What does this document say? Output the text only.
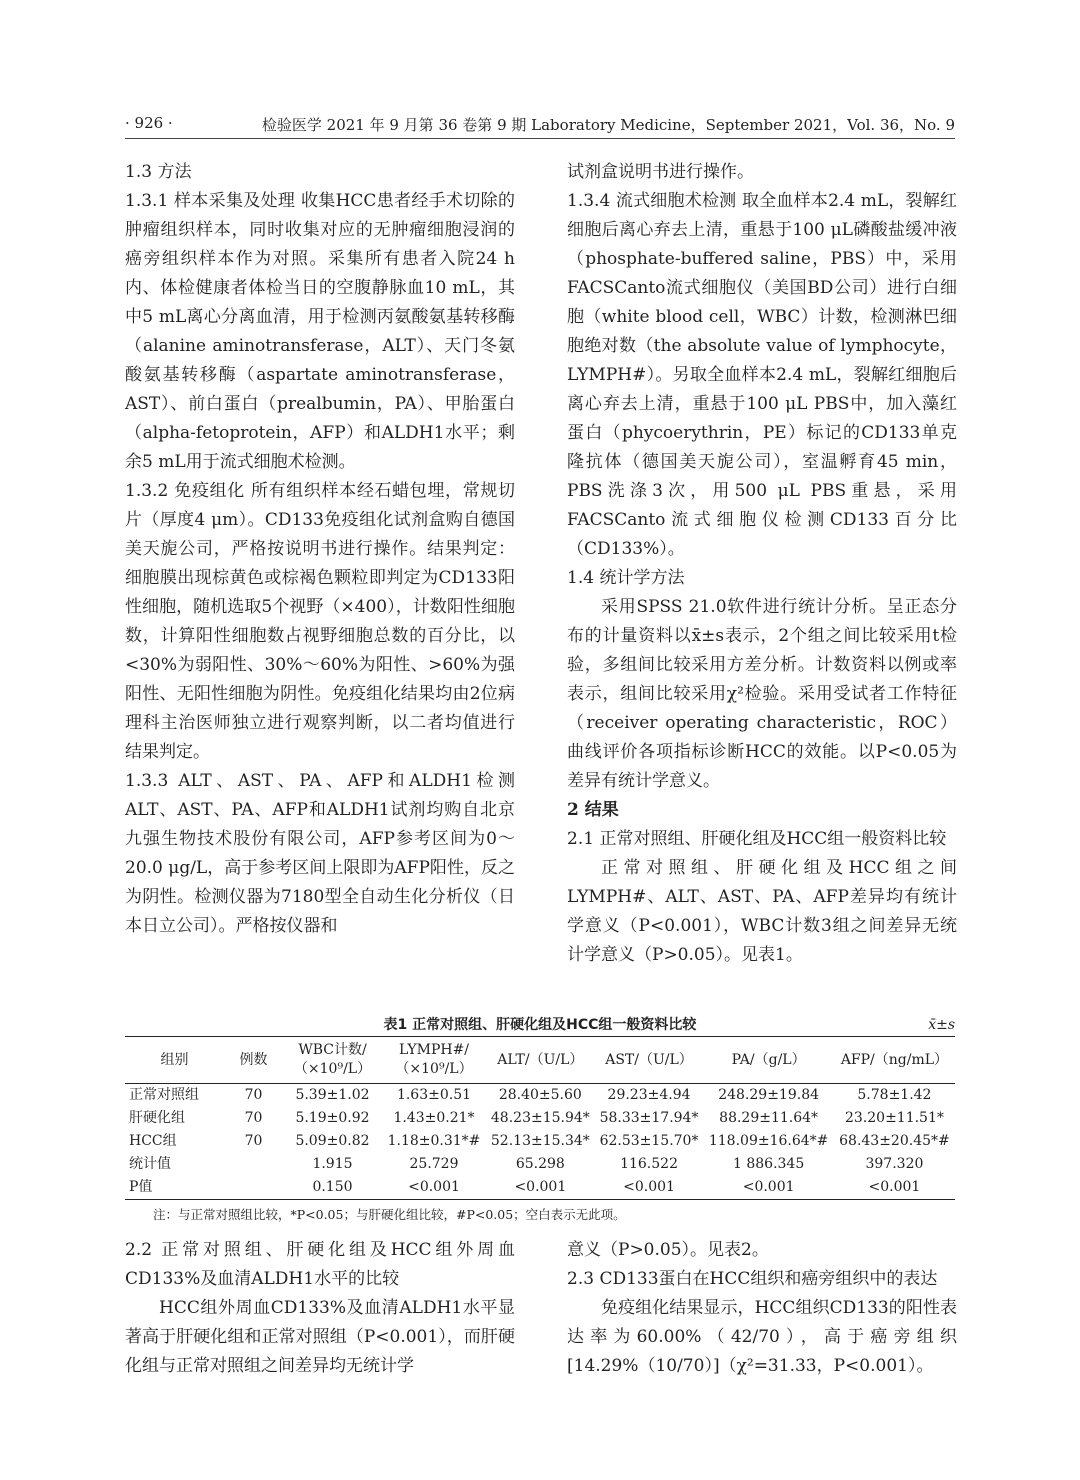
· 926 ·	检验医学 2021 年 9 月第 36 卷第 9 期 Laboratory Medicine，September 2021，Vol. 36，No. 9

1.3 方法

1.3.1 样本采集及处理 收集HCC患者经手术切除的肿瘤组织样本，同时收集对应的无肿瘤细胞浸润的癌旁组织样本作为对照。采集所有患者入院24 h内、体检健康者体检当日的空腹静脉血10 mL，其中5 mL离心分离血清，用于检测丙氨酸氨基转移酶（alanine aminotransferase，ALT）、天门冬氨酸氨基转移酶（aspartate aminotransferase，AST）、前白蛋白（prealbumin，PA）、甲胎蛋白（alpha-fetoprotein，AFP）和ALDH1水平；剩余5 mL用于流式细胞术检测。

1.3.2 免疫组化 所有组织样本经石蜡包埋，常规切片（厚度4 μm）。CD133免疫组化试剂盒购自德国美天旎公司，严格按说明书进行操作。结果判定：细胞膜出现棕黄色或棕褐色颗粒即判定为CD133阳性细胞，随机选取5个视野（×400），计数阳性细胞数，计算阳性细胞数占视野细胞总数的百分比，以<30%为弱阳性、30%～60%为阳性、>60%为强阳性、无阳性细胞为阴性。免疫组化结果均由2位病理科主治医师独立进行观察判断，以二者均值进行结果判定。

1.3.3 ALT、AST、PA、AFP和ALDH1检测 ALT、AST、PA、AFP和ALDH1试剂均购自北京九强生物技术股份有限公司，AFP参考区间为0～20.0 μg/L，高于参考区间上限即为AFP阳性，反之为阴性。检测仪器为7180型全自动生化分析仪（日本日立公司）。严格按仪器和

试剂盒说明书进行操作。

1.3.4 流式细胞术检测 取全血样本2.4 mL，裂解红细胞后离心弃去上清，重悬于100 μL磷酸盐缓冲液（phosphate-buffered saline，PBS）中，采用FACSCanto流式细胞仪（美国BD公司）进行白细胞（white blood cell，WBC）计数，检测淋巴细胞绝对数（the absolute value of lymphocyte，LYMPH#）。另取全血样本2.4 mL，裂解红细胞后离心弃去上清，重悬于100 μL PBS中，加入藻红蛋白（phycoerythrin，PE）标记的CD133单克隆抗体（德国美天旎公司），室温孵育45 min，PBS洗涤3次，用500 μL PBS重悬，采用FACSCanto流式细胞仪检测CD133百分比（CD133%）。

1.4 统计学方法

采用SPSS 21.0软件进行统计分析。呈正态分布的计量资料以x̄±s表示，2个组之间比较采用t检验，多组间比较采用方差分析。计数资料以例或率表示，组间比较采用χ²检验。采用受试者工作特征（receiver operating characteristic，ROC）曲线评价各项指标诊断HCC的效能。以P<0.05为差异有统计学意义。

2 结果

2.1 正常对照组、肝硬化组及HCC组一般资料比较

正常对照组、肝硬化组及HCC组之间LYMPH#、ALT、AST、PA、AFP差异均有统计学意义（P<0.001），WBC计数3组之间差异无统计学意义（P>0.05）。见表1。

表1 正常对照组、肝硬化组及HCC组一般资料比较	x̄±s
组别	例数	WBC计数/（×10⁹/L）	LYMPH#/（×10⁹/L）	ALT/（U/L）	AST/（U/L）	PA/（g/L）	AFP/（ng/mL）
正常对照组	70	5.39±1.02	1.63±0.51	28.40±5.60	29.23±4.94	248.29±19.84	5.78±1.42
肝硬化组	70	5.19±0.92	1.43±0.21*	48.23±15.94*	58.33±17.94*	88.29±11.64*	23.20±11.51*
HCC组	70	5.09±0.82	1.18±0.31*#	52.13±15.34*	62.53±15.70*	118.09±16.64*#	68.43±20.45*#
统计值		1.915	25.729	65.298	116.522	1 886.345	397.320
P值		0.150	<0.001	<0.001	<0.001	<0.001	<0.001
注：与正常对照组比较，*P<0.05；与肝硬化组比较，#P<0.05；空白表示无此项。

2.2 正常对照组、肝硬化组及HCC组外周血CD133%及血清ALDH1水平的比较

HCC组外周血CD133%及血清ALDH1水平显著高于肝硬化组和正常对照组（P<0.001），而肝硬化组与正常对照组之间差异均无统计学

意义（P>0.05）。见表2。

2.3 CD133蛋白在HCC组织和癌旁组织中的表达

免疫组化结果显示，HCC组织CD133的阳性表达率为60.00%（42/70），高于癌旁组织[14.29%（10/70）]（χ²=31.33，P<0.001）。
